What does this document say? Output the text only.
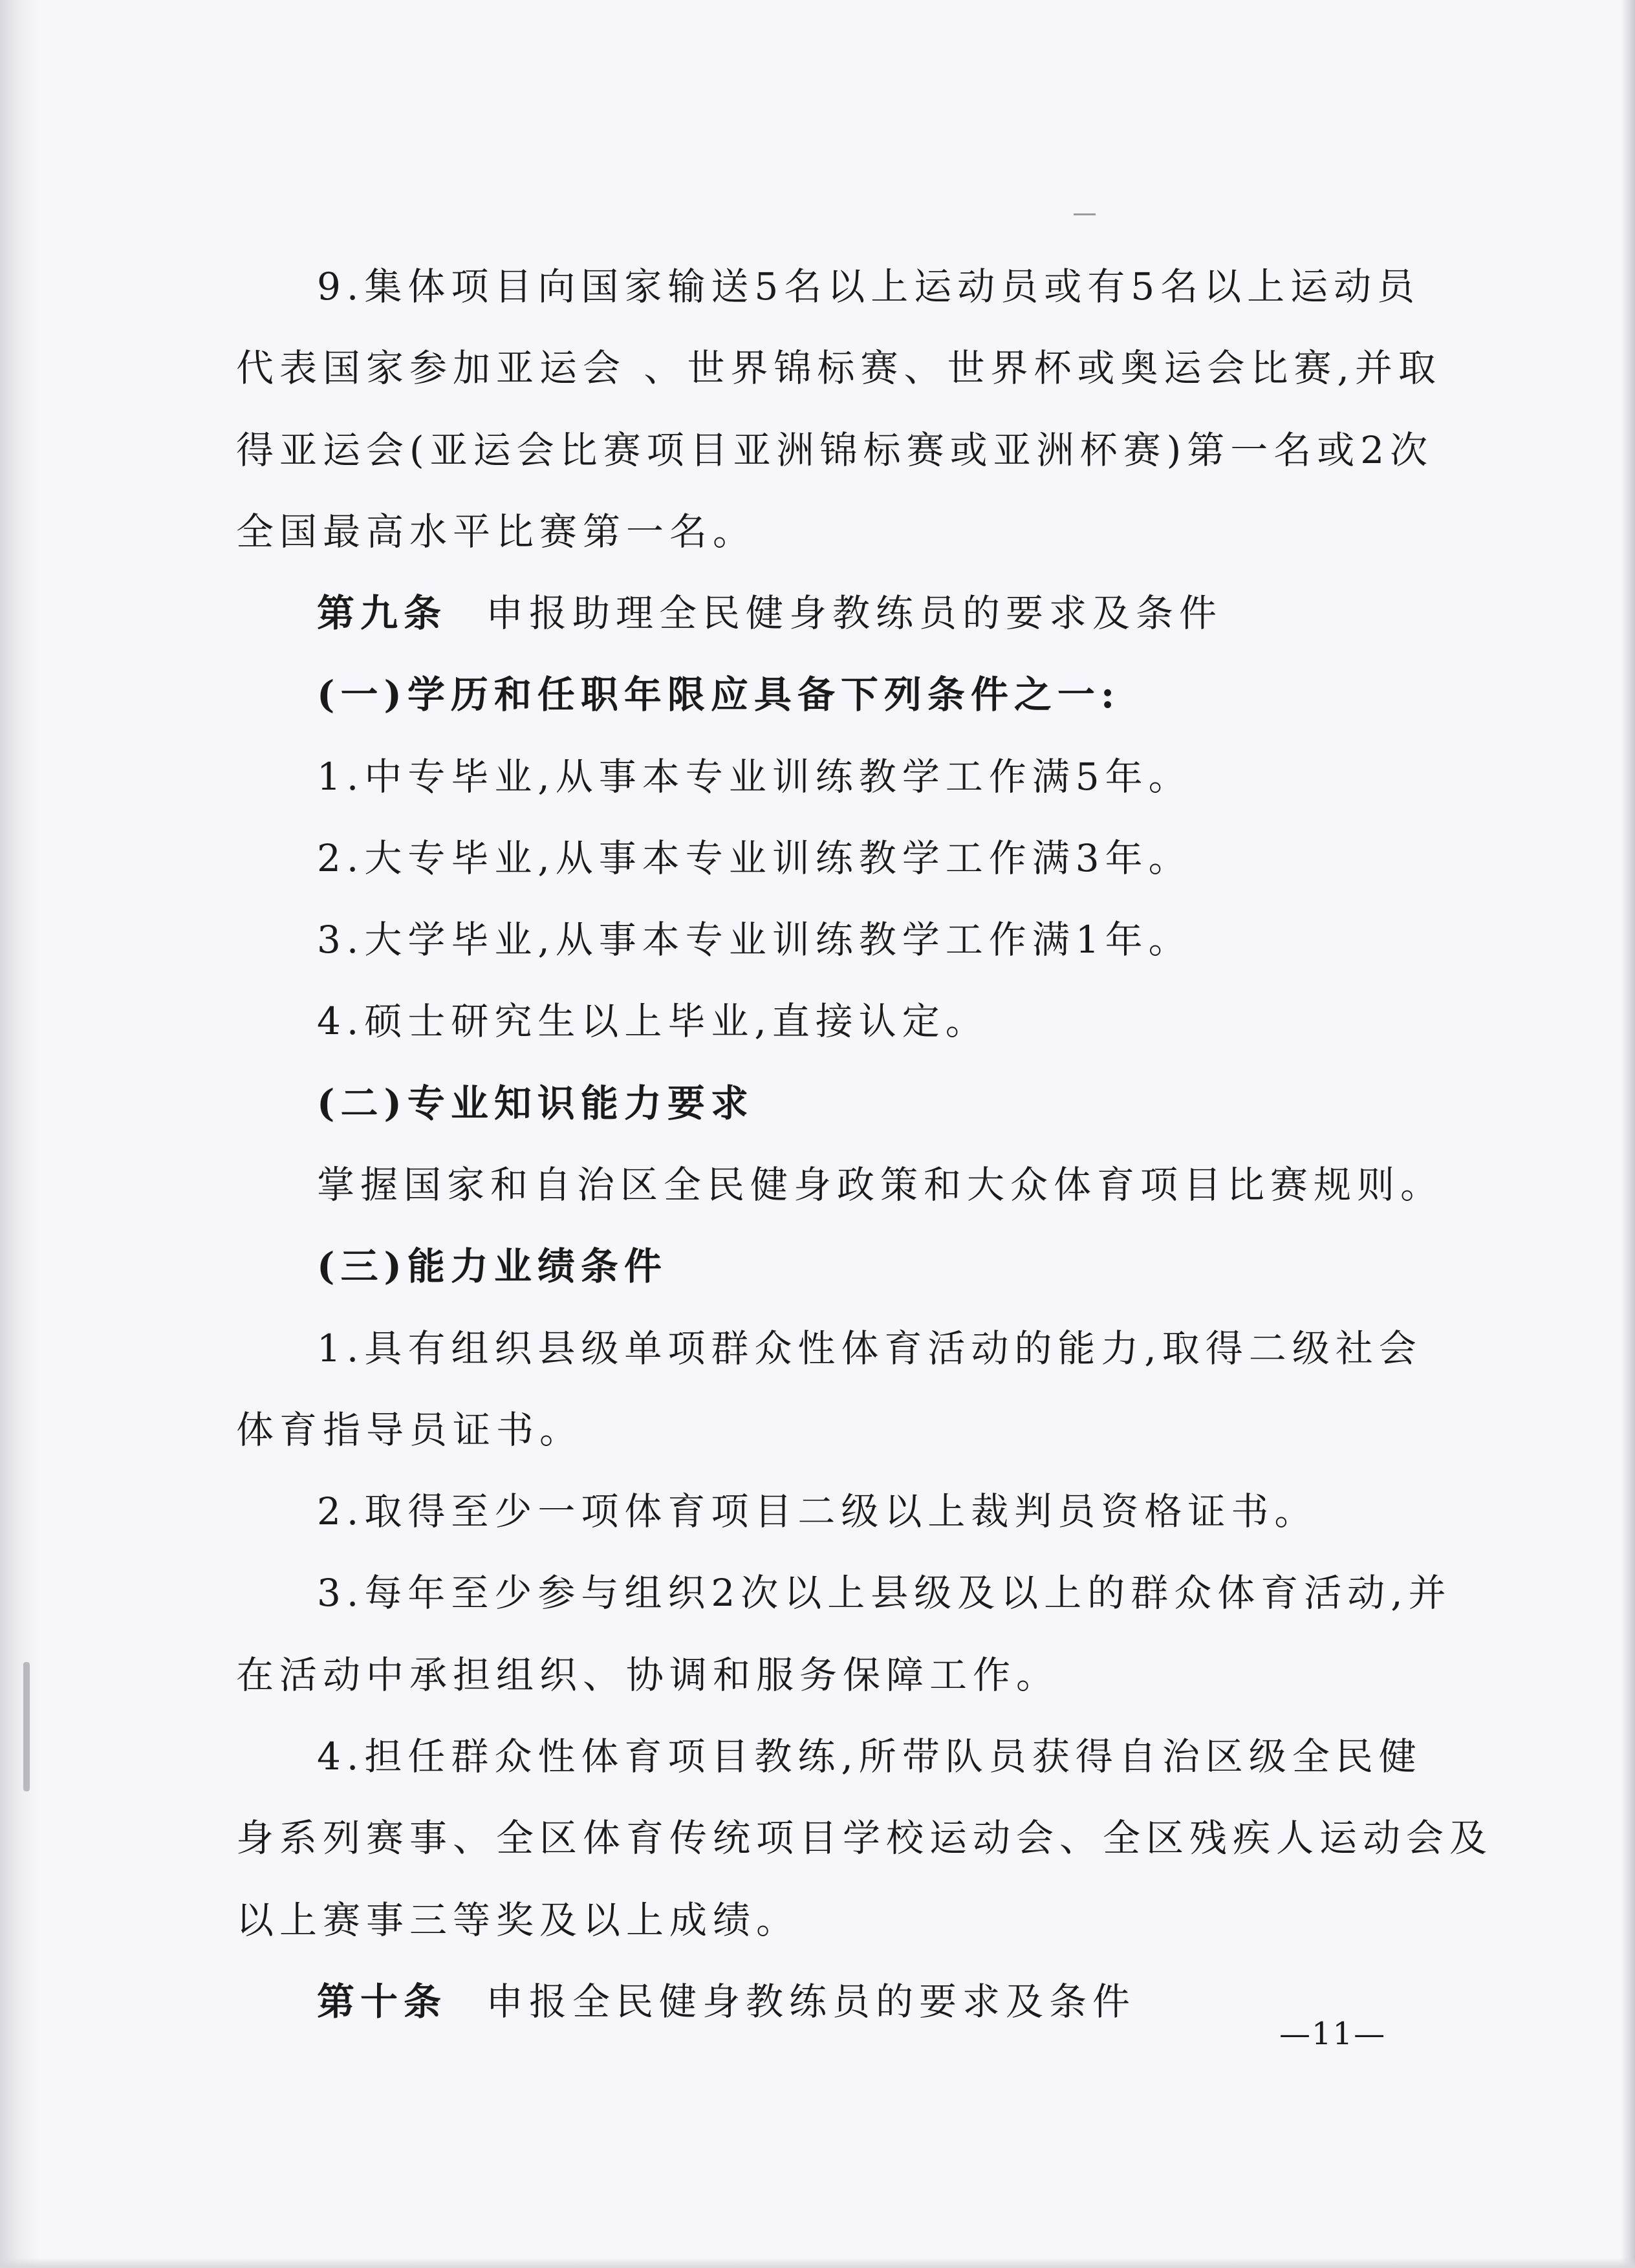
9.集体项目向国家输送5名以上运动员或有5名以上运动员
代表国家参加亚运会 、世界锦标赛、世界杯或奥运会比赛,并取
得亚运会(亚运会比赛项目亚洲锦标赛或亚洲杯赛)第一名或2次
全国最高水平比赛第一名。
第九条 申报助理全民健身教练员的要求及条件
(一)学历和任职年限应具备下列条件之一:
1.中专毕业,从事本专业训练教学工作满5年。
2.大专毕业,从事本专业训练教学工作满3年。
3.大学毕业,从事本专业训练教学工作满1年。
4.硕士研究生以上毕业,直接认定。
(二)专业知识能力要求
掌握国家和自治区全民健身政策和大众体育项目比赛规则。
(三)能力业绩条件
1.具有组织县级单项群众性体育活动的能力,取得二级社会
体育指导员证书。
2.取得至少一项体育项目二级以上裁判员资格证书。
3.每年至少参与组织2次以上县级及以上的群众体育活动,并
在活动中承担组织、协调和服务保障工作。
4.担任群众性体育项目教练,所带队员获得自治区级全民健
身系列赛事、全区体育传统项目学校运动会、全区残疾人运动会及
以上赛事三等奖及以上成绩。
第十条 申报全民健身教练员的要求及条件
—11—
